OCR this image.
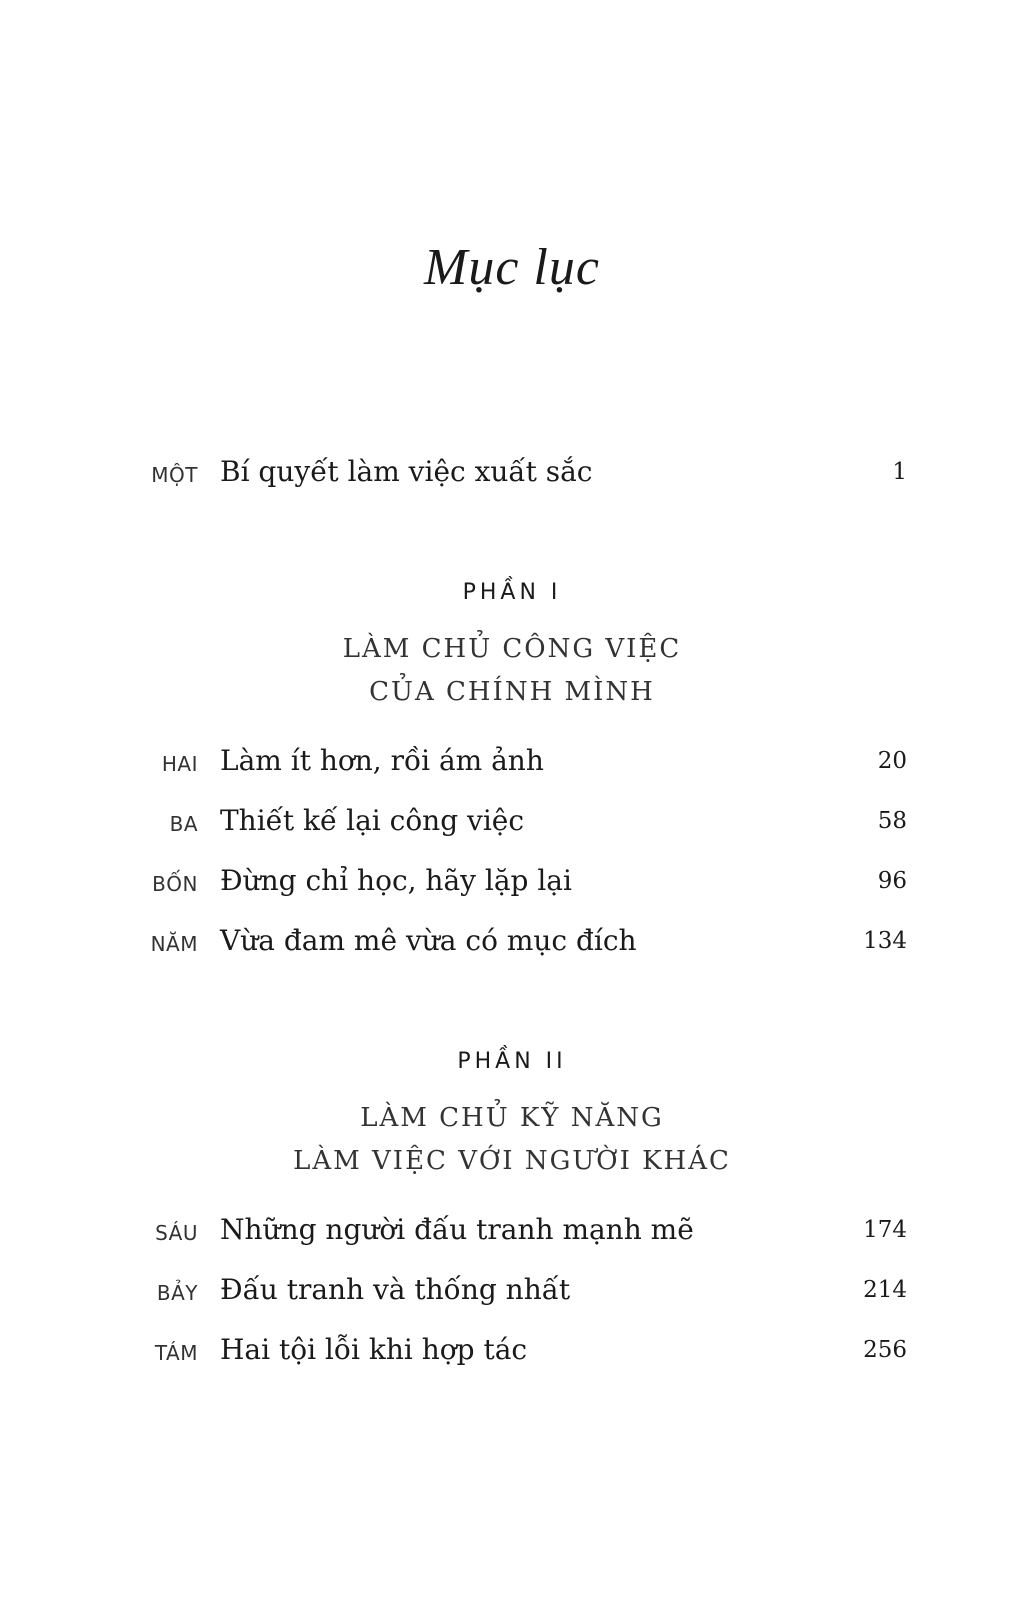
Mục lục
MỘT Bí quyết làm việc xuất sắc	1
PHẦN I
LÀM CHỦ CÔNG VIỆC
CỦA CHÍNH MÌNH
HAI Làm ít hơn, rồi ám ảnh	20
BA Thiết kế lại công việc	58
BỐN Đừng chỉ học, hãy lặp lại	96
NĂM Vừa đam mê vừa có mục đích	134
PHẦN II
LÀM CHỦ KỸ NĂNG
LÀM VIỆC VỚI NGƯỜI KHÁC
SÁU Những người đấu tranh mạnh mẽ	174
BẢY Đấu tranh và thống nhất	214
TÁM Hai tội lỗi khi hợp tác	256
